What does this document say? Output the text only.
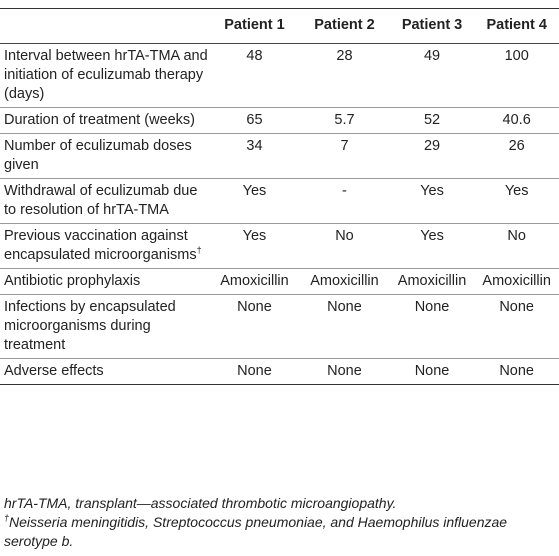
	Patient 1	Patient 2	Patient 3	Patient 4
Interval between hrTA-TMA and initiation of eculizumab therapy (days)	48	28	49	100
Duration of treatment (weeks)	65	5.7	52	40.6
Number of eculizumab doses given	34	7	29	26
Withdrawal of eculizumab due to resolution of hrTA-TMA	Yes	-	Yes	Yes
Previous vaccination against encapsulated microorganisms†	Yes	No	Yes	No
Antibiotic prophylaxis	Amoxicillin	Amoxicillin	Amoxicillin	Amoxicillin
Infections by encapsulated microorganisms during treatment	None	None	None	None
Adverse effects	None	None	None	None

hrTA-TMA, transplant—associated thrombotic microangiopathy.

†Neisseria meningitidis, Streptococcus pneumoniae, and Haemophilus influenzae serotype b.
